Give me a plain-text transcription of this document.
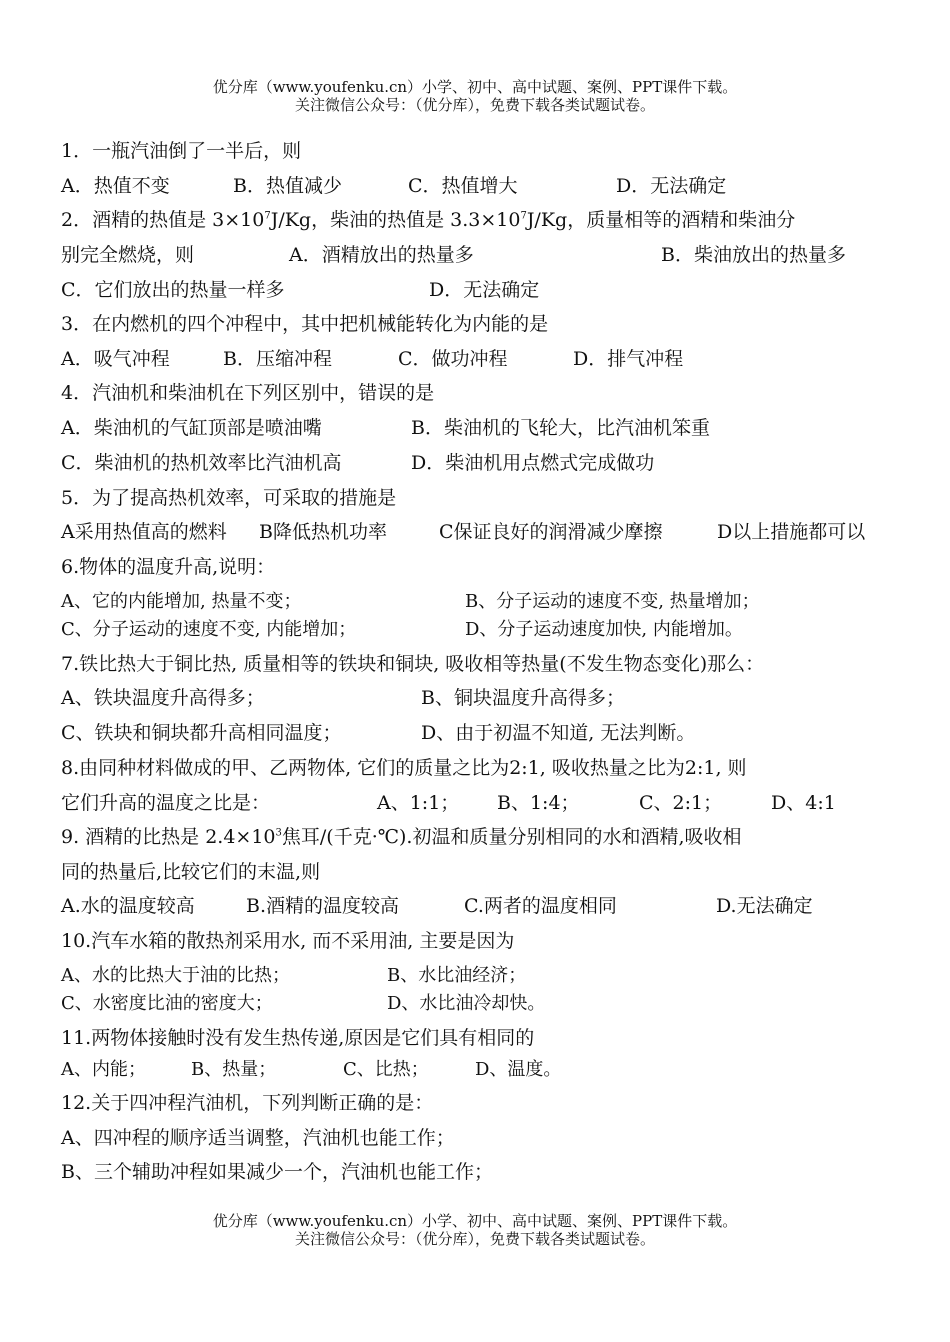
优分库（www.youfenku.cn）小学、初中、高中试题、案例、PPT课件下载。
关注微信公众号：（优分库），免费下载各类试题试卷。
1．一瓶汽油倒了一半后，则
A．热值不变	B．热值减少	C．热值增大	D．无法确定
2．酒精的热值是 $3\times 10^7J/Kg$，柴油的热值是 $3.3\times 10^7J/Kg$，质量相等的酒精和柴油分
别完全燃烧，则	A．酒精放出的热量多	B．柴油放出的热量多
C．它们放出的热量一样多	D．无法确定
3．在内燃机的四个冲程中，其中把机械能转化为内能的是
A．吸气冲程	B．压缩冲程	C．做功冲程	D．排气冲程
4．汽油机和柴油机在下列区别中，错误的是
A．柴油机的气缸顶部是喷油嘴	B．柴油机的飞轮大，比汽油机笨重
C．柴油机的热机效率比汽油机高	D．柴油机用点燃式完成做功
5．为了提高热机效率，可采取的措施是
A采用热值高的燃料 B降低热机功率	C保证良好的润滑减少摩擦	D以上措施都可以
6.物体的温度升高,说明：
A、它的内能增加, 热量不变；	B、分子运动的速度不变, 热量增加；
C、分子运动的速度不变, 内能增加；	D、分子运动速度加快, 内能增加。
7.铁比热大于铜比热, 质量相等的铁块和铜块, 吸收相等热量(不发生物态变化)那么：
A、铁块温度升高得多；	B、铜块温度升高得多；
C、铁块和铜块都升高相同温度；	D、由于初温不知道, 无法判断。
8.由同种材料做成的甲、乙两物体, 它们的质量之比为2:1, 吸收热量之比为2:1, 则
它们升高的温度之比是：	A、1:1； B、1:4；	C、2:1；	D、4:1
9. 酒精的比热是 $2.4\times 10^3$焦耳/(千克·℃).初温和质量分别相同的水和酒精,吸收相
同的热量后,比较它们的末温,则
A.水的温度较高	B.酒精的温度较高	C.两者的温度相同	D.无法确定
10.汽车水箱的散热剂采用水, 而不采用油, 主要是因为
A、水的比热大于油的比热；	B、水比油经济；
C、水密度比油的密度大；	D、水比油冷却快。
11.两物体接触时没有发生热传递,原因是它们具有相同的
A、内能；	B、热量；	C、比热；	D、温度。
12.关于四冲程汽油机，下列判断正确的是：
A、四冲程的顺序适当调整，汽油机也能工作；
B、三个辅助冲程如果减少一个，汽油机也能工作；
优分库（www.youfenku.cn）小学、初中、高中试题、案例、PPT课件下载。
关注微信公众号：（优分库），免费下载各类试题试卷。
